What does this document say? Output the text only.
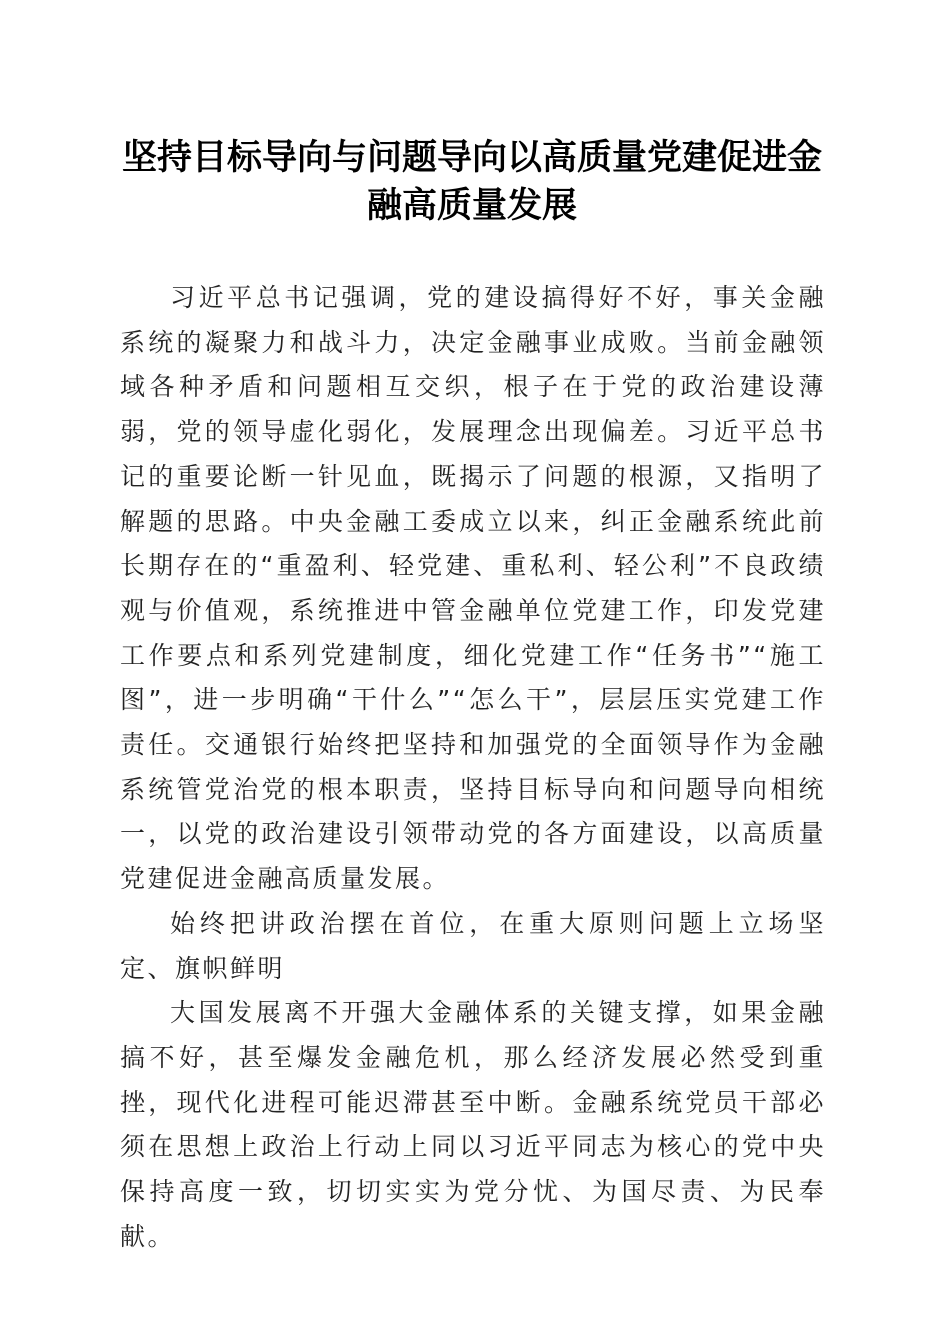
坚持目标导向与问题导向以高质量党建促进金融高质量发展

习近平总书记强调，党的建设搞得好不好，事关金融系统的凝聚力和战斗力，决定金融事业成败。当前金融领域各种矛盾和问题相互交织，根子在于党的政治建设薄弱，党的领导虚化弱化，发展理念出现偏差。习近平总书记的重要论断一针见血，既揭示了问题的根源，又指明了解题的思路。中央金融工委成立以来，纠正金融系统此前长期存在的“重盈利、轻党建、重私利、轻公利”不良政绩观与价值观，系统推进中管金融单位党建工作，印发党建工作要点和系列党建制度，细化党建工作“任务书”“施工图”，进一步明确“干什么”“怎么干”，层层压实党建工作责任。交通银行始终把坚持和加强党的全面领导作为金融系统管党治党的根本职责，坚持目标导向和问题导向相统一，以党的政治建设引领带动党的各方面建设，以高质量党建促进金融高质量发展。

始终把讲政治摆在首位，在重大原则问题上立场坚定、旗帜鲜明

大国发展离不开强大金融体系的关键支撑，如果金融搞不好，甚至爆发金融危机，那么经济发展必然受到重挫，现代化进程可能迟滞甚至中断。金融系统党员干部必须在思想上政治上行动上同以习近平同志为核心的党中央保持高度一致，切切实实为党分忧、为国尽责、为民奉献。
